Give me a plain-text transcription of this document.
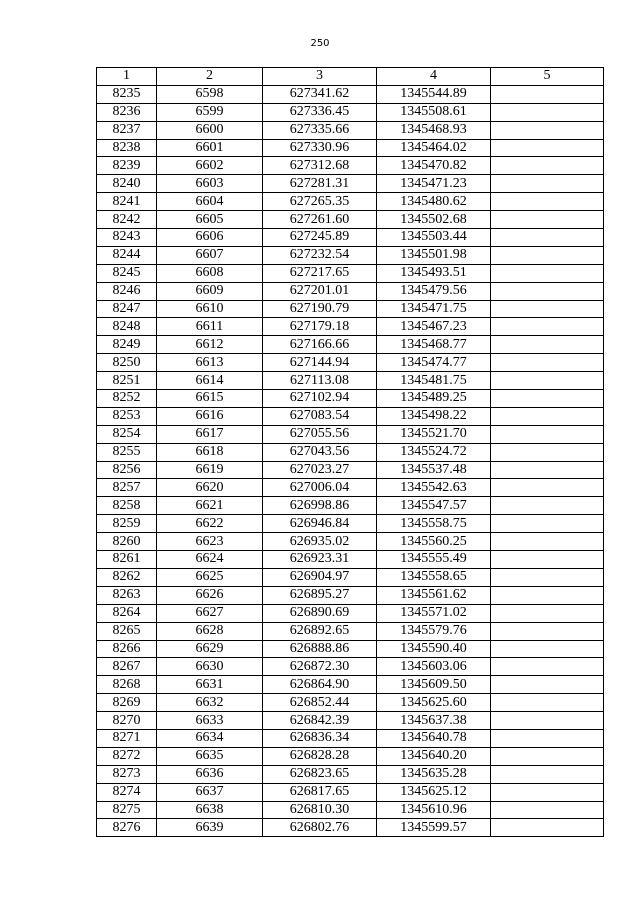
250
1	2	3	4	5
8235	6598	627341.62	1345544.89	
8236	6599	627336.45	1345508.61	
8237	6600	627335.66	1345468.93	
8238	6601	627330.96	1345464.02	
8239	6602	627312.68	1345470.82	
8240	6603	627281.31	1345471.23	
8241	6604	627265.35	1345480.62	
8242	6605	627261.60	1345502.68	
8243	6606	627245.89	1345503.44	
8244	6607	627232.54	1345501.98	
8245	6608	627217.65	1345493.51	
8246	6609	627201.01	1345479.56	
8247	6610	627190.79	1345471.75	
8248	6611	627179.18	1345467.23	
8249	6612	627166.66	1345468.77	
8250	6613	627144.94	1345474.77	
8251	6614	627113.08	1345481.75	
8252	6615	627102.94	1345489.25	
8253	6616	627083.54	1345498.22	
8254	6617	627055.56	1345521.70	
8255	6618	627043.56	1345524.72	
8256	6619	627023.27	1345537.48	
8257	6620	627006.04	1345542.63	
8258	6621	626998.86	1345547.57	
8259	6622	626946.84	1345558.75	
8260	6623	626935.02	1345560.25	
8261	6624	626923.31	1345555.49	
8262	6625	626904.97	1345558.65	
8263	6626	626895.27	1345561.62	
8264	6627	626890.69	1345571.02	
8265	6628	626892.65	1345579.76	
8266	6629	626888.86	1345590.40	
8267	6630	626872.30	1345603.06	
8268	6631	626864.90	1345609.50	
8269	6632	626852.44	1345625.60	
8270	6633	626842.39	1345637.38	
8271	6634	626836.34	1345640.78	
8272	6635	626828.28	1345640.20	
8273	6636	626823.65	1345635.28	
8274	6637	626817.65	1345625.12	
8275	6638	626810.30	1345610.96	
8276	6639	626802.76	1345599.57	
